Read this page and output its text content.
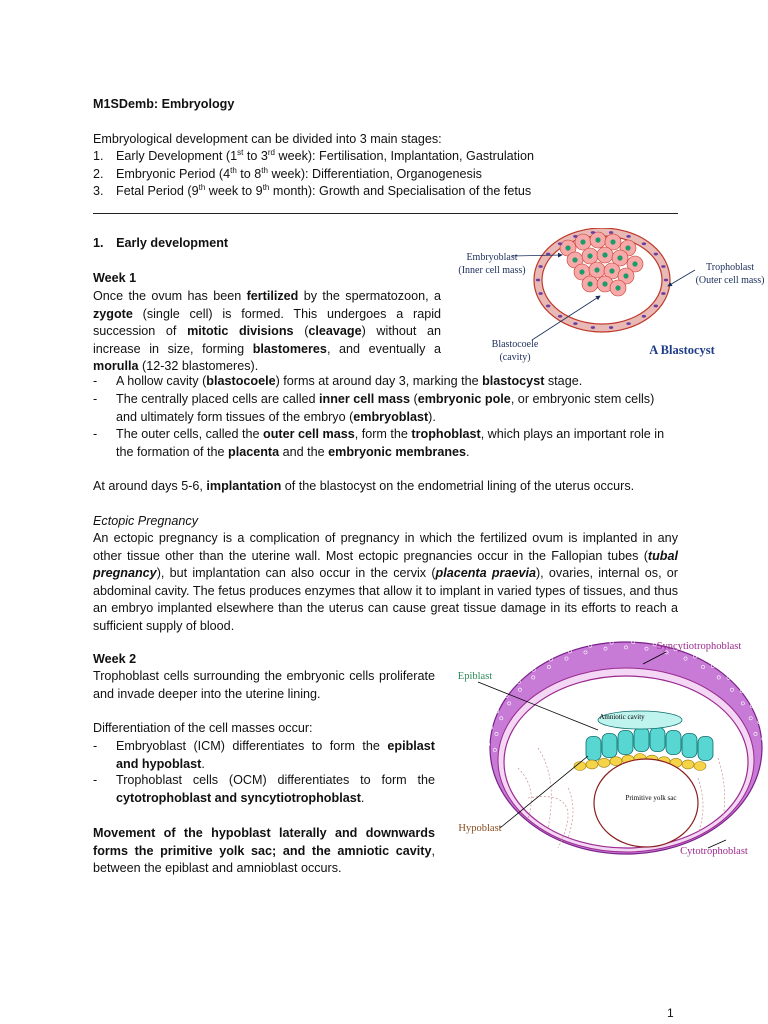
M1SDemb: Embryology
Embryological development can be divided into 3 main stages:
1. Early Development (1st to 3rd week): Fertilisation, Implantation, Gastrulation
2. Embryonic Period (4th to 8th week): Differentiation, Organogenesis
3. Fetal Period (9th week to 9th month): Growth and Specialisation of the fetus
1. Early development
Week 1
Once the ovum has been fertilized by the spermatozoon, a zygote (single cell) is formed. This undergoes a rapid succession of mitotic divisions (cleavage) without an increase in size, forming blastomeres, and eventually a morulla (12-32 blastomeres).
- A hollow cavity (blastocoele) forms at around day 3, marking the blastocyst stage.
- The centrally placed cells are called inner cell mass (embryonic pole, or embryonic stem cells) and ultimately form tissues of the embryo (embryoblast).
- The outer cells, called the outer cell mass, form the trophoblast, which plays an important role in the formation of the placenta and the embryonic membranes.
At around days 5-6, implantation of the blastocyst on the endometrial lining of the uterus occurs.
Ectopic Pregnancy
An ectopic pregnancy is a complication of pregnancy in which the fertilized ovum is implanted in any other tissue other than the uterine wall. Most ectopic pregnancies occur in the Fallopian tubes (tubal pregnancy), but implantation can also occur in the cervix (placenta praevia), ovaries, internal os, or abdominal cavity. The fetus produces enzymes that allow it to implant in varied types of tissues, and thus an embryo implanted elsewhere than the uterus can cause great tissue damage in its efforts to reach a sufficient supply of blood.
Week 2
Trophoblast cells surrounding the embryonic cells proliferate and invade deeper into the uterine lining.
Differentiation of the cell masses occur:
- Embryoblast (ICM) differentiates to form the epiblast and hypoblast.
- Trophoblast cells (OCM) differentiates to form the cytotrophoblast and syncytiotrophoblast.
Movement of the hypoblast laterally and downwards forms the primitive yolk sac; and the amniotic cavity, between the epiblast and amnioblast occurs.
Embryoblast
(Inner cell mass)	Trophoblast
(Outer cell mass)
Blastocoele
(cavity)
A Blastocyst
Syncytiotrophoblast
Epiblast
Amniotic cavity
Primitive yolk sac
Hypoblast
Cytotrophoblast
1
